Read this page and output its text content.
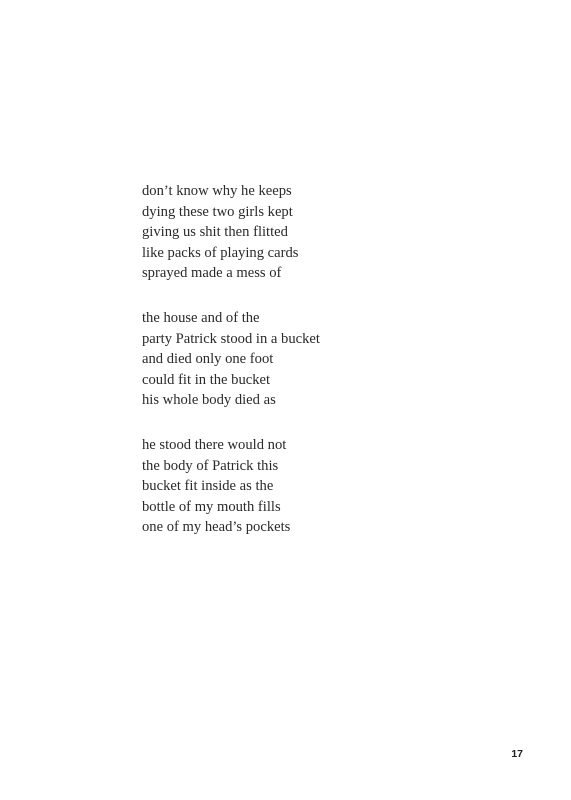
don’t know why he keeps
dying these two girls kept
giving us shit then flitted
like packs of playing cards
sprayed made a mess of
the house and of the
party Patrick stood in a bucket
and died only one foot
could fit in the bucket
his whole body died as
he stood there would not
the body of Patrick this
bucket fit inside as the
bottle of my mouth fills
one of my head’s pockets
17
